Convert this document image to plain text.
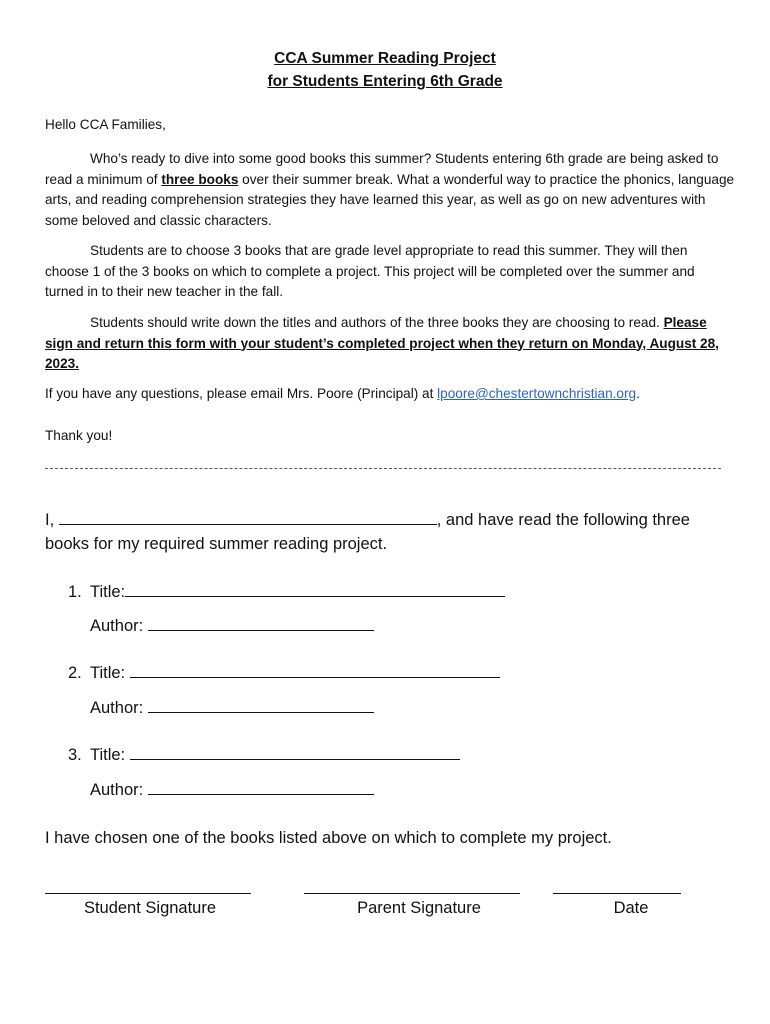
CCA Summer Reading Project
for Students Entering 6th Grade

Hello CCA Families,

Who’s ready to dive into some good books this summer? Students entering 6th grade are being asked to read a minimum of three books over their summer break. What a wonderful way to practice the phonics, language arts, and reading comprehension strategies they have learned this year, as well as go on new adventures with some beloved and classic characters.

Students are to choose 3 books that are grade level appropriate to read this summer. They will then choose 1 of the 3 books on which to complete a project. This project will be completed over the summer and turned in to their new teacher in the fall.

Students should write down the titles and authors of the three books they are choosing to read. Please sign and return this form with your student’s completed project when they return on Monday, August 28, 2023.

If you have any questions, please email Mrs. Poore (Principal) at lpoore@chestertownchristian.org.

Thank you!

I,	, and have read the following three
books for my required summer reading project.
1. Title:
Author:
2. Title:
Author:
3. Title:
Author:
I have chosen one of the books listed above on which to complete my project.
Student Signature	Parent Signature	Date
